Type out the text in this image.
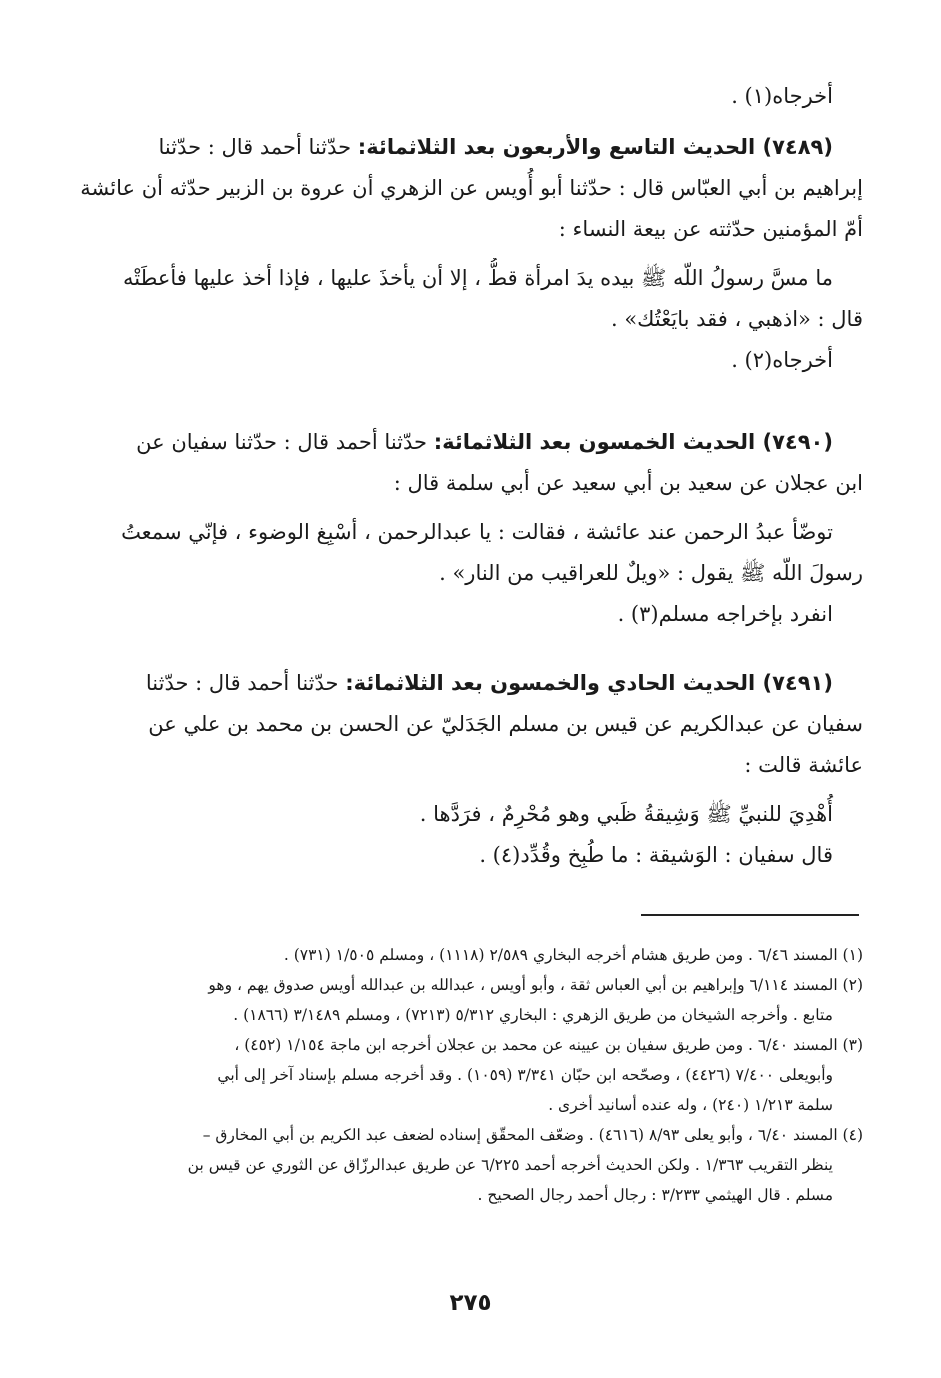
أخرجاه(١) .
(٧٤٨٩) الحديث التاسع والأربعون بعد الثلاثمائة: حدّثنا أحمد قال : حدّثنا
إبراهيم بن أبي العبّاس قال : حدّثنا أبو أُويس عن الزهري أن عروة بن الزبير حدّثه أن عائشة
أمّ المؤمنين حدّثته عن بيعة النساء :
ما مسَّ رسولُ اللّه ﷺ بيده يدَ امرأة قطُّ ، إلا أن يأخذَ عليها ، فإذا أخذ عليها فأعطَتْه
قال : «اذهبي ، فقد بايَعْتُك» .
أخرجاه(٢) .
(٧٤٩٠) الحديث الخمسون بعد الثلاثمائة: حدّثنا أحمد قال : حدّثنا سفيان عن
ابن عجلان عن سعيد بن أبي سعيد عن أبي سلمة قال :
توضّأ عبدُ الرحمن عند عائشة ، فقالت : يا عبدالرحمن ، أسْبِغ الوضوء ، فإنّي سمعتُ
رسولَ اللّه ﷺ يقول : «ويلٌ للعراقيب من النار» .
انفرد بإخراجه مسلم(٣) .
(٧٤٩١) الحديث الحادي والخمسون بعد الثلاثمائة: حدّثنا أحمد قال : حدّثنا
سفيان عن عبدالكريم عن قيس بن مسلم الجَدَليّ عن الحسن بن محمد بن علي عن
عائشة قالت :
أُهْدِيَ للنبيِّ ﷺ وَشِيقةُ ظَبي وهو مُحْرِمٌ ، فرَدَّها .
قال سفيان : الوَشيقة : ما طُبِخ وقُدِّد(٤) .
(١) المسند ٦/٤٦ . ومن طريق هشام أخرجه البخاري ٢/٥٨٩ (١١١٨) ، ومسلم ١/٥٠٥ (٧٣١) .
(٢) المسند ٦/١١٤ وإبراهيم بن أبي العباس ثقة ، وأبو أويس ، عبدالله بن عبدالله أويس صدوق يهم ، وهو
متابع . وأخرجه الشيخان من طريق الزهري : البخاري ٥/٣١٢ (٧٢١٣) ، ومسلم ٣/١٤٨٩ (١٨٦٦) .
(٣) المسند ٦/٤٠ . ومن طريق سفيان بن عيينه عن محمد بن عجلان أخرجه ابن ماجة ١/١٥٤ (٤٥٢) ،
وأبويعلى ٧/٤٠٠ (٤٤٢٦) ، وصحّحه ابن حبّان ٣/٣٤١ (١٠٥٩) . وقد أخرجه مسلم بإسناد آخر إلى أبي
سلمة ١/٢١٣ (٢٤٠) ، وله عنده أسانيد أخرى .
(٤) المسند ٦/٤٠ ، وأبو يعلى ٨/٩٣ (٤٦١٦) . وضعّف المحقّق إسناده لضعف عبد الكريم بن أبي المخارق –
ينظر التقريب ١/٣٦٣ . ولكن الحديث أخرجه أحمد ٦/٢٢٥ عن طريق عبدالرزّاق عن الثوري عن قيس بن
مسلم . قال الهيثمي ٣/٢٣٣ : رجال أحمد رجال الصحيح .
٢٧٥
